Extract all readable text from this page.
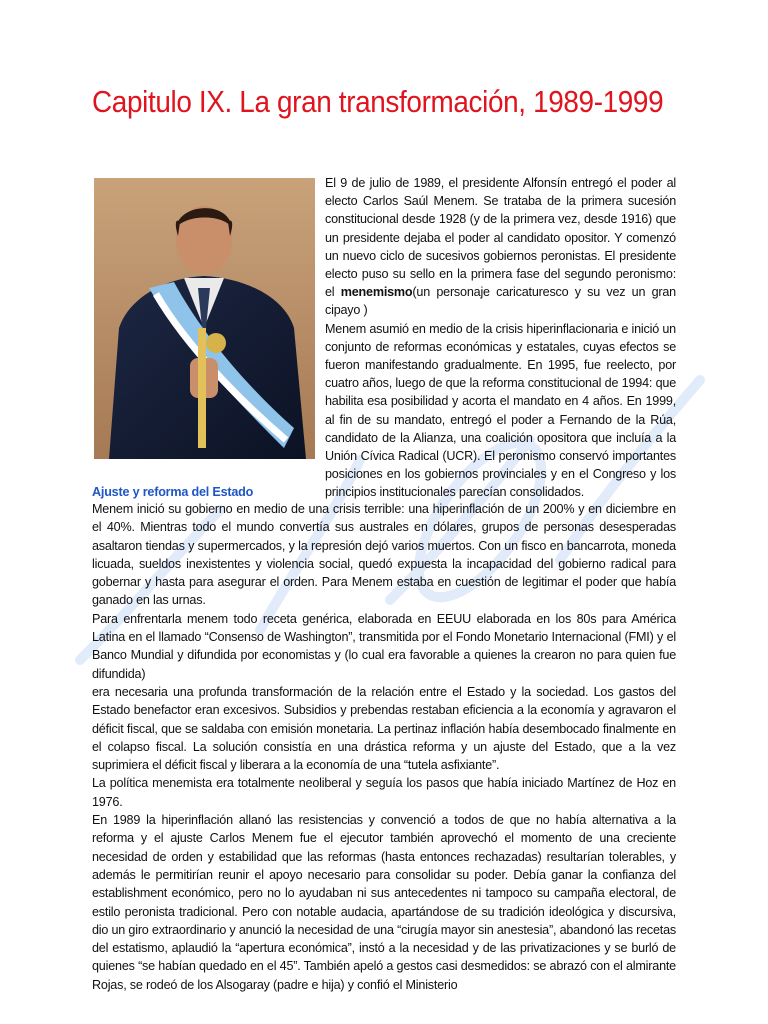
Capitulo IX. La gran transformación, 1989-1999

El 9 de julio de 1989, el presidente Alfonsín entregó el poder al electo Carlos Saúl Menem. Se trataba de la primera sucesión constitucional desde 1928 (y de la primera vez, desde 1916) que un presidente dejaba el poder al candidato opositor. Y comenzó un nuevo ciclo de sucesivos gobiernos peronistas. El presidente electo puso su sello en la primera fase del segundo peronismo: el menemismo(un personaje caricaturesco y su vez un gran cipayo )

Menem asumió en medio de la crisis hiperinflacionaria e inició un conjunto de reformas económicas y estatales, cuyas efectos se fueron manifestando gradualmente. En 1995, fue reelecto, por cuatro años, luego de que la reforma constitucional de 1994: que habilita esa posibilidad y acorta el mandato en 4 años. En 1999, al fin de su mandato, entregó el poder a Fernando de la Rúa, candidato de la Alianza, una coalición opositora que incluía a la Unión Cívica Radical (UCR). El peronismo conservó importantes posiciones en los gobiernos provinciales y en el Congreso y los principios institucionales parecían consolidados.

Ajuste y reforma del Estado

Menem inició su gobierno en medio de una crisis terrible: una hiperinflación de un 200% y en diciembre en el 40%. Mientras todo el mundo convertía sus australes en dólares, grupos de personas desesperadas asaltaron tiendas y supermercados, y la represión dejó varios muertos. Con un fisco en bancarrota, moneda licuada, sueldos inexistentes y violencia social, quedó expuesta la incapacidad del gobierno radical para gobernar y hasta para asegurar el orden. Para Menem estaba en cuestión de legitimar el poder que había ganado en las urnas.

Para enfrentarla menem todo receta genérica, elaborada en EEUU elaborada en los 80s para América Latina en el llamado “Consenso de Washington”, transmitida por el Fondo Monetario Internacional (FMI) y el Banco Mundial y difundida por economistas y (lo cual era favorable a quienes la crearon no para quien fue difundida)

era necesaria una profunda transformación de la relación entre el Estado y la sociedad. Los gastos del Estado benefactor eran excesivos. Subsidios y prebendas restaban eficiencia a la economía y agravaron el déficit fiscal, que se saldaba con emisión monetaria. La pertinaz inflación había desembocado finalmente en el colapso fiscal. La solución consistía en una drástica reforma y un ajuste del Estado, que a la vez suprimiera el déficit fiscal y liberara a la economía de una “tutela asfixiante”.

La política menemista era totalmente neoliberal y seguía los pasos que había iniciado Martínez de Hoz en 1976.

En 1989 la hiperinflación allanó las resistencias y convenció a todos de que no había alternativa a la reforma y el ajuste Carlos Menem fue el ejecutor también aprovechó el momento de una creciente necesidad de orden y estabilidad que las reformas (hasta entonces rechazadas) resultarían tolerables, y además le permitirían reunir el apoyo necesario para consolidar su poder. Debía ganar la confianza del establishment económico, pero no lo ayudaban ni sus antecedentes ni tampoco su campaña electoral, de estilo peronista tradicional. Pero con notable audacia, apartándose de su tradición ideológica y discursiva, dio un giro extraordinario y anunció la necesidad de una “cirugía mayor sin anestesia”, abandonó las recetas del estatismo, aplaudió la “apertura económica”, instó a la necesidad y de las privatizaciones y se burló de quienes “se habían quedado en el 45”. También apeló a gestos casi desmedidos: se abrazó con el almirante Rojas, se rodeó de los Alsogaray (padre e hija) y confió el Ministerio
